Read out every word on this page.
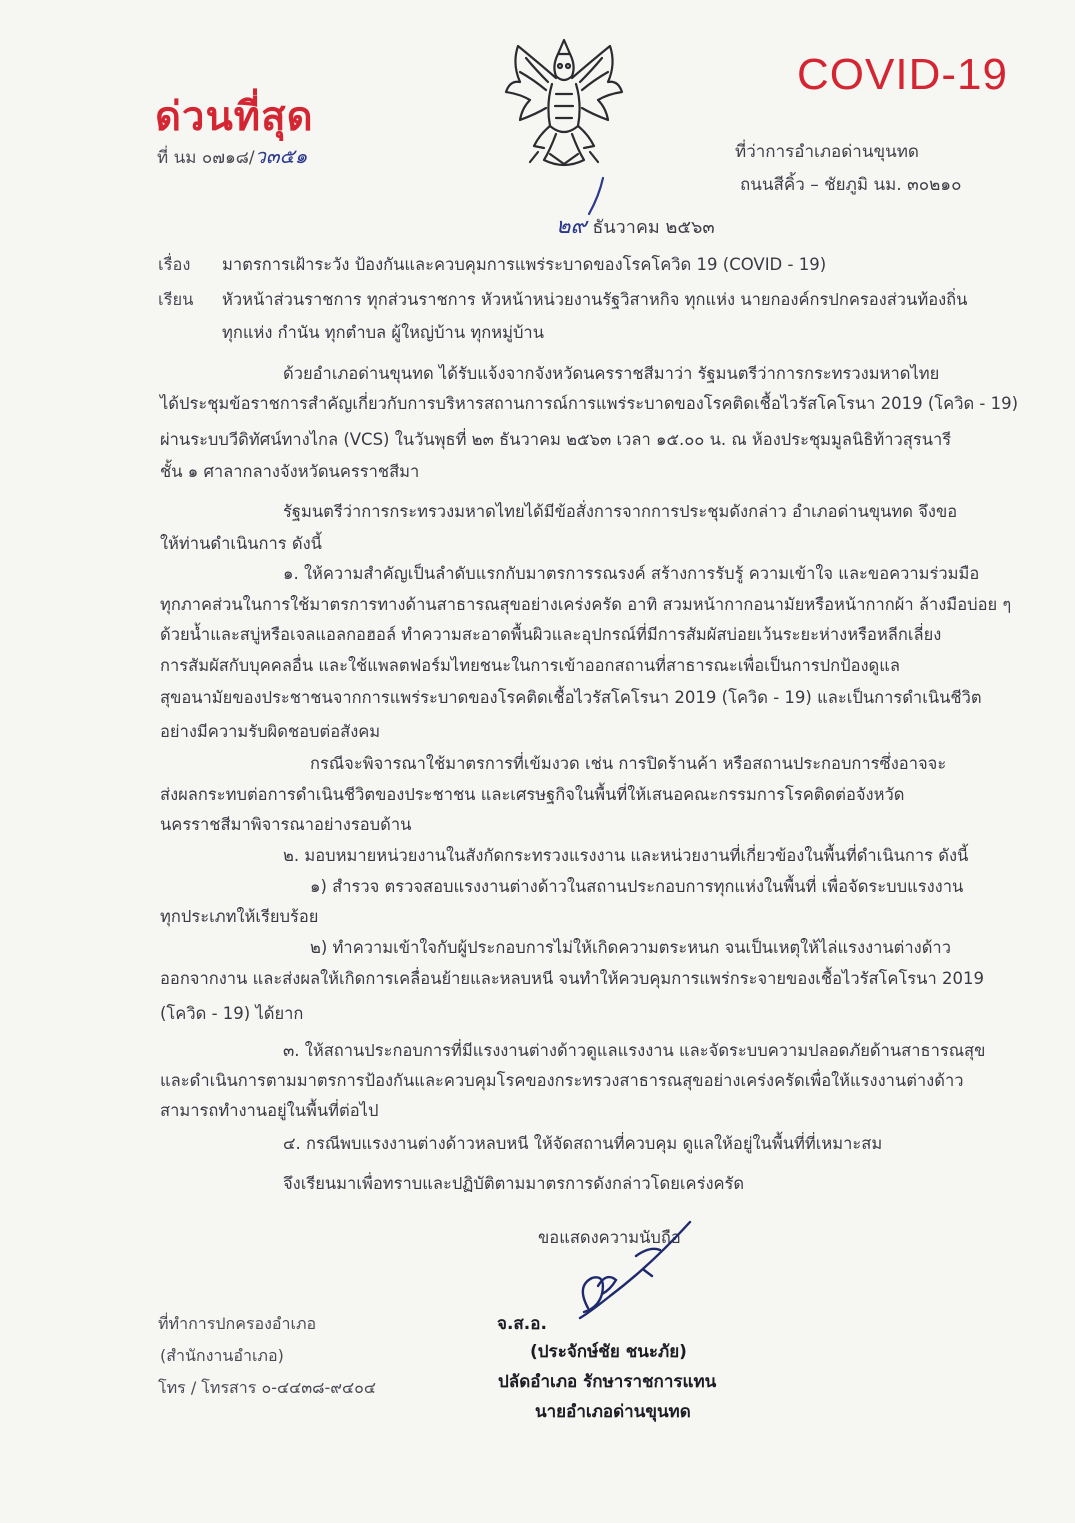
ด่วนที่สุด
ที่ นม ๐๗๑๘/ว๓๕๑
COVID-19
ที่ว่าการอำเภอด่านขุนทด
ถนนสีคิ้ว – ชัยภูมิ นม. ๓๐๒๑๐
๒๙ ธันวาคม ๒๕๖๓
เรื่อง มาตรการเฝ้าระวัง ป้องกันและควบคุมการแพร่ระบาดของโรคโควิด 19 (COVID - 19)
เรียน หัวหน้าส่วนราชการ ทุกส่วนราชการ หัวหน้าหน่วยงานรัฐวิสาหกิจ ทุกแห่ง นายกองค์กรปกครองส่วนท้องถิ่น
ทุกแห่ง กำนัน ทุกตำบล ผู้ใหญ่บ้าน ทุกหมู่บ้าน
ด้วยอำเภอด่านขุนทด ได้รับแจ้งจากจังหวัดนครราชสีมาว่า รัฐมนตรีว่าการกระทรวงมหาดไทย
ได้ประชุมข้อราชการสำคัญเกี่ยวกับการบริหารสถานการณ์การแพร่ระบาดของโรคติดเชื้อไวรัสโคโรนา 2019 (โควิด - 19)
ผ่านระบบวีดิทัศน์ทางไกล (VCS) ในวันพุธที่ ๒๓ ธันวาคม ๒๕๖๓ เวลา ๑๕.๐๐ น. ณ ห้องประชุมมูลนิธิท้าวสุรนารี
ชั้น ๑ ศาลากลางจังหวัดนครราชสีมา
รัฐมนตรีว่าการกระทรวงมหาดไทยได้มีข้อสั่งการจากการประชุมดังกล่าว อำเภอด่านขุนทด จึงขอ
ให้ท่านดำเนินการ ดังนี้
๑. ให้ความสำคัญเป็นลำดับแรกกับมาตรการรณรงค์ สร้างการรับรู้ ความเข้าใจ และขอความร่วมมือ
ทุกภาคส่วนในการใช้มาตรการทางด้านสาธารณสุขอย่างเคร่งครัด อาทิ สวมหน้ากากอนามัยหรือหน้ากากผ้า ล้างมือบ่อย ๆ
ด้วยน้ำและสบู่หรือเจลแอลกอฮอล์ ทำความสะอาดพื้นผิวและอุปกรณ์ที่มีการสัมผัสบ่อยเว้นระยะห่างหรือหลีกเลี่ยง
การสัมผัสกับบุคคลอื่น และใช้แพลตฟอร์มไทยชนะในการเข้าออกสถานที่สาธารณะเพื่อเป็นการปกป้องดูแล
สุขอนามัยของประชาชนจากการแพร่ระบาดของโรคติดเชื้อไวรัสโคโรนา 2019 (โควิด - 19) และเป็นการดำเนินชีวิต
อย่างมีความรับผิดชอบต่อสังคม
กรณีจะพิจารณาใช้มาตรการที่เข้มงวด เช่น การปิดร้านค้า หรือสถานประกอบการซึ่งอาจจะ
ส่งผลกระทบต่อการดำเนินชีวิตของประชาชน และเศรษฐกิจในพื้นที่ให้เสนอคณะกรรมการโรคติดต่อจังหวัด
นครราชสีมาพิจารณาอย่างรอบด้าน
๒. มอบหมายหน่วยงานในสังกัดกระทรวงแรงงาน และหน่วยงานที่เกี่ยวข้องในพื้นที่ดำเนินการ ดังนี้
๑) สำรวจ ตรวจสอบแรงงานต่างด้าวในสถานประกอบการทุกแห่งในพื้นที่ เพื่อจัดระบบแรงงาน
ทุกประเภทให้เรียบร้อย
๒) ทำความเข้าใจกับผู้ประกอบการไม่ให้เกิดความตระหนก จนเป็นเหตุให้ไล่แรงงานต่างด้าว
ออกจากงาน และส่งผลให้เกิดการเคลื่อนย้ายและหลบหนี จนทำให้ควบคุมการแพร่กระจายของเชื้อไวรัสโคโรนา 2019
(โควิด - 19) ได้ยาก
๓. ให้สถานประกอบการที่มีแรงงานต่างด้าวดูแลแรงงาน และจัดระบบความปลอดภัยด้านสาธารณสุข
และดำเนินการตามมาตรการป้องกันและควบคุมโรคของกระทรวงสาธารณสุขอย่างเคร่งครัดเพื่อให้แรงงานต่างด้าว
สามารถทำงานอยู่ในพื้นที่ต่อไป
๔. กรณีพบแรงงานต่างด้าวหลบหนี ให้จัดสถานที่ควบคุม ดูแลให้อยู่ในพื้นที่ที่เหมาะสม
จึงเรียนมาเพื่อทราบและปฏิบัติตามมาตรการดังกล่าวโดยเคร่งครัด
ขอแสดงความนับถือ
จ.ส.อ.
(ประจักษ์ชัย ชนะภัย)
ปลัดอำเภอ รักษาราชการแทน
นายอำเภอด่านขุนทด
ที่ทำการปกครองอำเภอ
(สำนักงานอำเภอ)
โทร / โทรสาร ๐-๔๔๓๘-๙๔๐๔
